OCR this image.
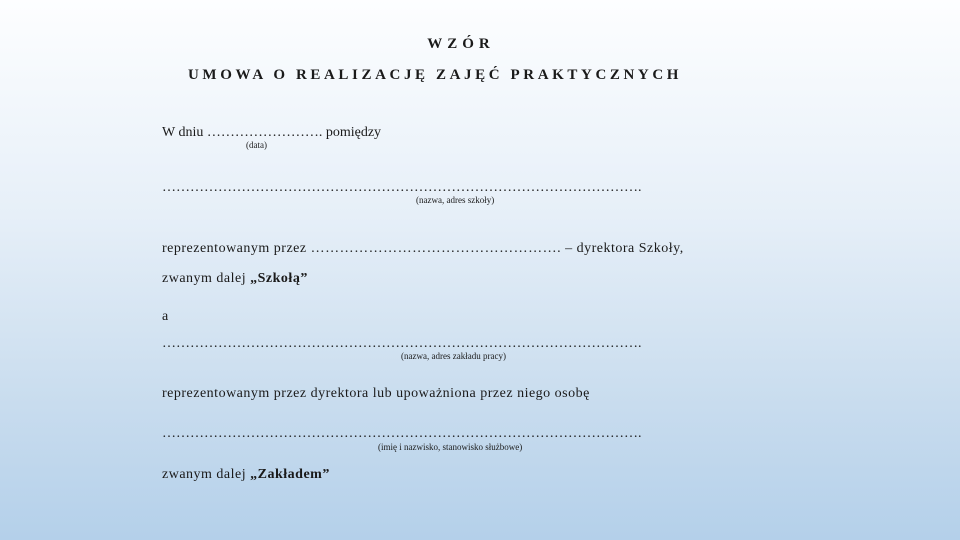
WZÓR
UMOWA O REALIZACJĘ ZAJĘĆ PRAKTYCZNYCH
W dniu ……………………. pomiędzy
(data)
………………………………………………………………………………………….
(nazwa, adres szkoły)
reprezentowanym przez ……………………………………………. – dyrektora Szkoły,
zwanym dalej „Szkołą”
a
………………………………………………………………………………………….
(nazwa, adres zakładu pracy)
reprezentowanym przez dyrektora lub upoważniona przez niego osobę
………………………………………………………………………………………….
(imię i nazwisko, stanowisko służbowe)
zwanym dalej „Zakładem”
